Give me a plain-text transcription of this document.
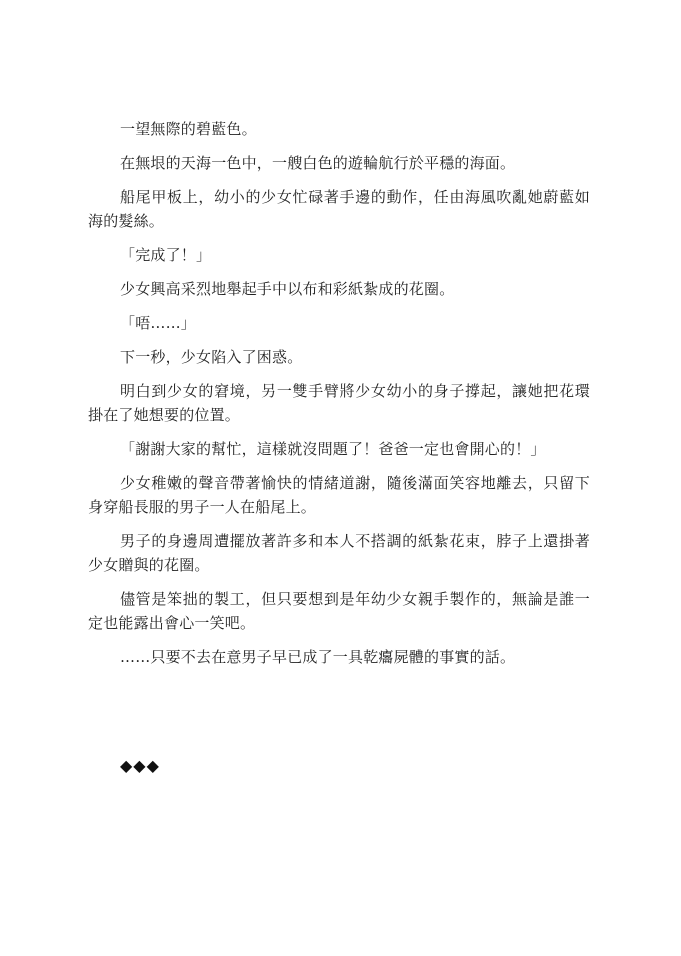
一望無際的碧藍色。

在無垠的天海一色中，一艘白色的遊輪航行於平穩的海面。

船尾甲板上，幼小的少女忙碌著手邊的動作，任由海風吹亂她蔚藍如海的髮絲。

「完成了！」

少女興高采烈地舉起手中以布和彩紙紮成的花圈。

「唔……」

下一秒，少女陷入了困惑。

明白到少女的窘境，另一雙手臂將少女幼小的身子撐起，讓她把花環掛在了她想要的位置。

「謝謝大家的幫忙，這樣就沒問題了！爸爸一定也會開心的！」

少女稚嫩的聲音帶著愉快的情緒道謝，隨後滿面笑容地離去，只留下身穿船長服的男子一人在船尾上。

男子的身邊周遭擺放著許多和本人不搭調的紙紮花束，脖子上還掛著少女贈與的花圈。

儘管是笨拙的製工，但只要想到是年幼少女親手製作的，無論是誰一定也能露出會心一笑吧。

……只要不去在意男子早已成了一具乾癟屍體的事實的話。

◆◆◆
